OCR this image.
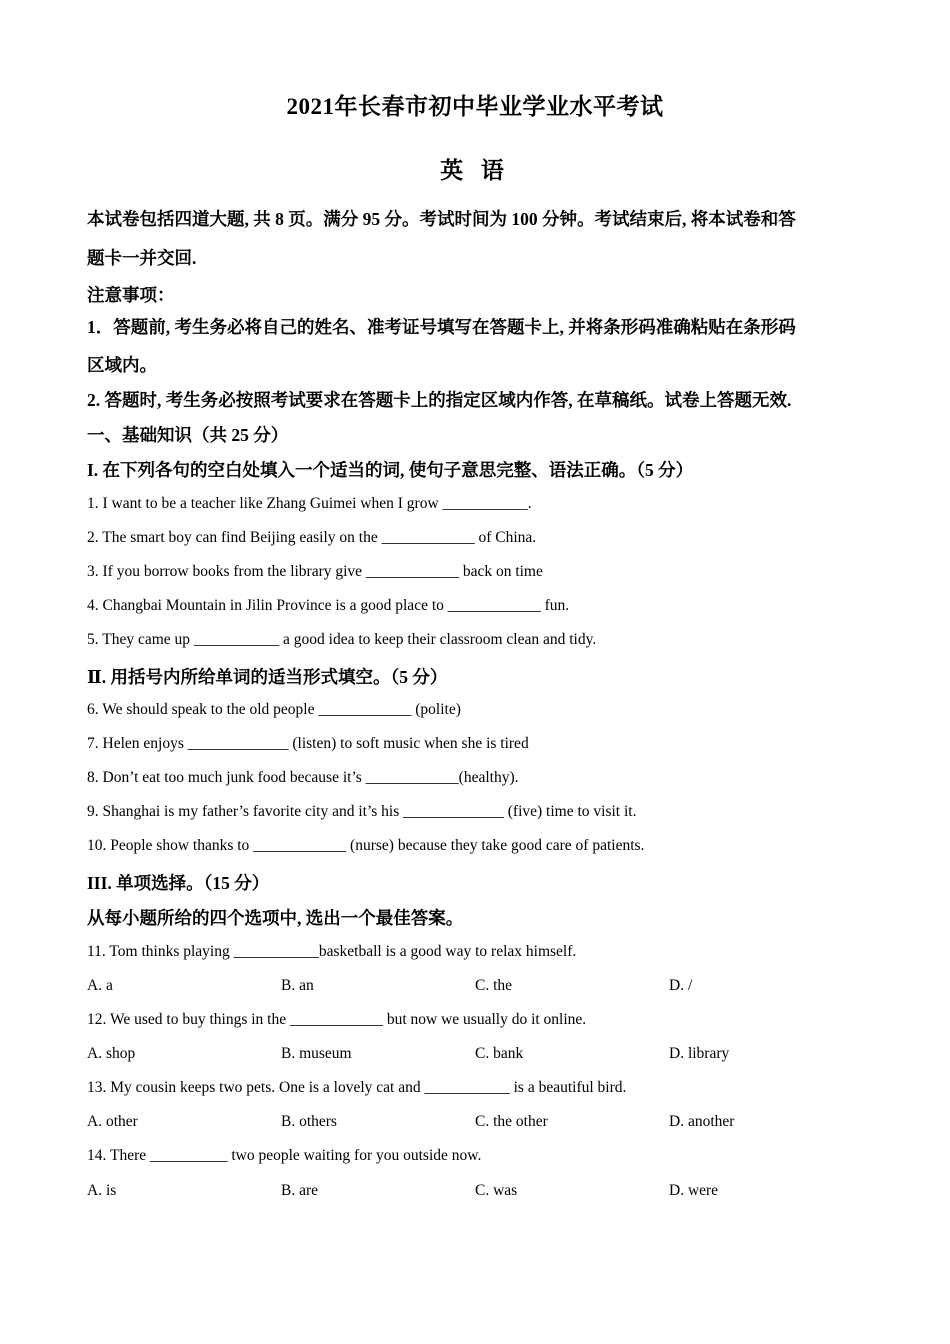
2021年长春市初中毕业学业水平考试
英 语
本试卷包括四道大题, 共 8 页。满分 95 分。考试时间为 100 分钟。考试结束后, 将本试卷和答
题卡一并交回.
注意事项：
1．答题前, 考生务必将自己的姓名、准考证号填写在答题卡上, 并将条形码准确粘贴在条形码
区域内。
2. 答题时, 考生务必按照考试要求在答题卡上的指定区域内作答, 在草稿纸。试卷上答题无效.
一、基础知识（共 25 分）
I. 在下列各句的空白处填入一个适当的词, 使句子意思完整、语法正确。（5 分）
1. I want to be a teacher like Zhang Guimei when I grow ___________.
2. The smart boy can find Beijing easily on the ____________ of China.
3. If you borrow books from the library give ____________ back on time
4. Changbai Mountain in Jilin Province is a good place to ____________ fun.
5. They came up ___________ a good idea to keep their classroom clean and tidy.
Ⅱ. 用括号内所给单词的适当形式填空。（5 分）
6. We should speak to the old people ____________ (polite)
7. Helen enjoys _____________ (listen) to soft music when she is tired
8. Don’t eat too much junk food because it’s ____________(healthy).
9. Shanghai is my father’s favorite city and it’s his _____________ (five) time to visit it.
10. People show thanks to ____________ (nurse) because they take good care of patients.
III. 单项选择。（15 分）
从每小题所给的四个选项中, 选出一个最佳答案。
11. Tom thinks playing ___________basketball is a good way to relax himself.
A. a	B. an	C. the	D. /
12. We used to buy things in the ____________ but now we usually do it online.
A. shop	B. museum	C. bank	D. library
13. My cousin keeps two pets. One is a lovely cat and ___________ is a beautiful bird.
A. other	B. others	C. the other	D. another
14. There __________ two people waiting for you outside now.
A. is	B. are	C. was	D. were
